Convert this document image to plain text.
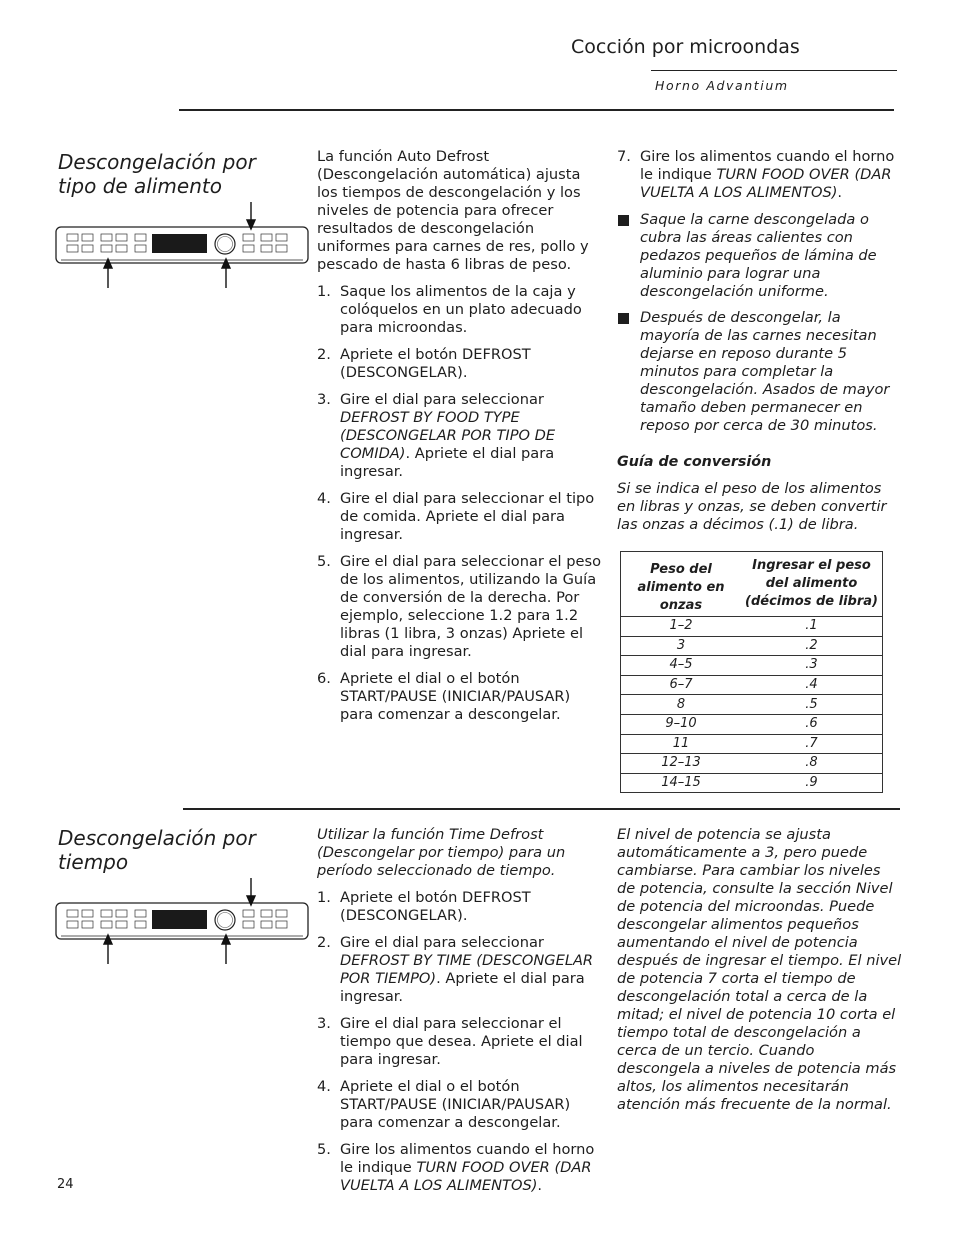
Cocción por microondas
Horno Advantium
Descongelación por tipo de alimento

La función Auto Defrost (Descongelación automática) ajusta los tiempos de descongelación y los niveles de potencia para ofrecer resultados de descongelación uniformes para carnes de res, pollo y pescado de hasta 6 libras de peso.

1. Saque los alimentos de la caja y colóquelos en un plato adecuado para microondas.
2. Apriete el botón DEFROST (DESCONGELAR).
3. Gire el dial para seleccionar DEFROST BY FOOD TYPE (DESCONGELAR POR TIPO DE COMIDA). Apriete el dial para ingresar.
4. Gire el dial para seleccionar el tipo de comida. Apriete el dial para ingresar.
5. Gire el dial para seleccionar el peso de los alimentos, utilizando la Guía de conversión de la derecha. Por ejemplo, seleccione 1.2 para 1.2 libras (1 libra, 3 onzas) Apriete el dial para ingresar.
6. Apriete el dial o el botón START/PAUSE (INICIAR/PAUSAR) para comenzar a descongelar.
7. Gire los alimentos cuando el horno le indique TURN FOOD OVER (DAR VUELTA A LOS ALIMENTOS).
Saque la carne descongelada o cubra las áreas calientes con pedazos pequeños de lámina de aluminio para lograr una descongelación uniforme.
Después de descongelar, la mayoría de las carnes necesitan dejarse en reposo durante 5 minutos para completar la descongelación. Asados de mayor tamaño deben permanecer en reposo por cerca de 30 minutos.
Guía de conversión

Si se indica el peso de los alimentos en libras y onzas, se deben convertir las onzas a décimos (.1) de libra.

Peso del alimento en onzas	Ingresar el peso del alimento (décimos de libra)
1–2	.1
3	.2
4–5	.3
6–7	.4
8	.5
9–10	.6
11	.7
12–13	.8
14–15	.9
Descongelación por tiempo

Utilizar la función Time Defrost (Descongelar por tiempo) para un período seleccionado de tiempo.

1. Apriete el botón DEFROST (DESCONGELAR).
2. Gire el dial para seleccionar DEFROST BY TIME (DESCONGELAR POR TIEMPO). Apriete el dial para ingresar.
3. Gire el dial para seleccionar el tiempo que desea. Apriete el dial para ingresar.
4. Apriete el dial o el botón START/PAUSE (INICIAR/PAUSAR) para comenzar a descongelar.
5. Gire los alimentos cuando el horno le indique TURN FOOD OVER (DAR VUELTA A LOS ALIMENTOS).
El nivel de potencia se ajusta automáticamente a 3, pero puede cambiarse. Para cambiar los niveles de potencia, consulte la sección Nivel de potencia del microondas. Puede descongelar alimentos pequeños aumentando el nivel de potencia después de ingresar el tiempo. El nivel de potencia 7 corta el tiempo de descongelación total a cerca de la mitad; el nivel de potencia 10 corta el tiempo total de descongelación a cerca de un tercio. Cuando descongela a niveles de potencia más altos, los alimentos necesitarán atención más frecuente de la normal.
24
